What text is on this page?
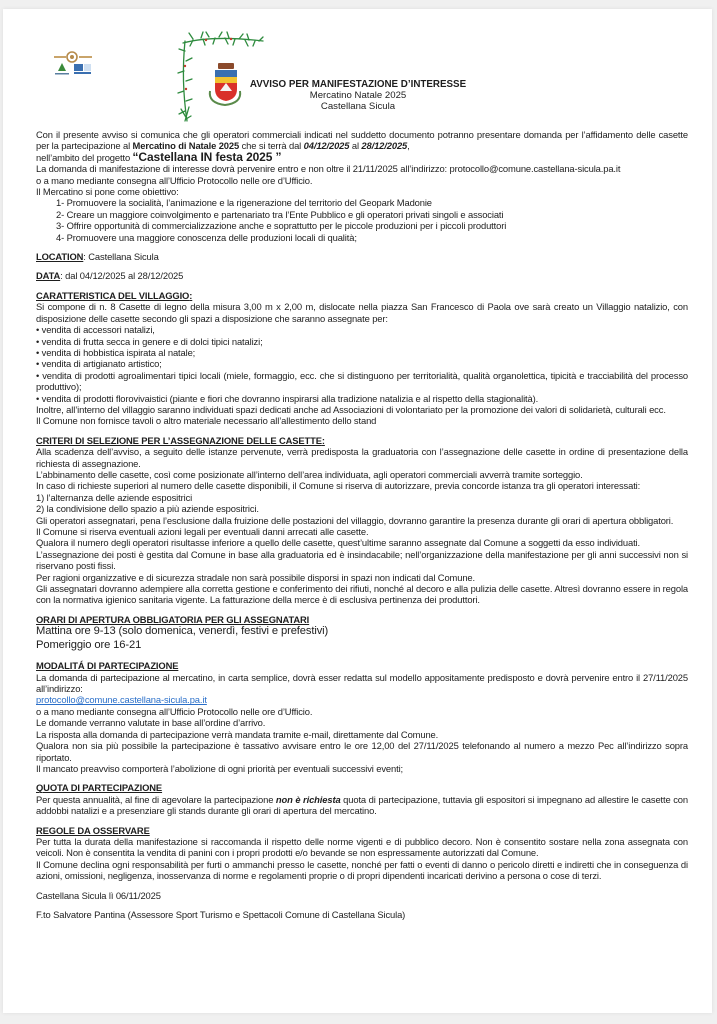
AVVISO PER MANIFESTAZIONE D’INTERESSE
Mercatino Natale 2025
Castellana Sicula

Con il presente avviso si comunica che gli operatori commerciali indicati nel suddetto documento potranno presentare domanda per l’affidamento delle casette per la partecipazione al Mercatino di Natale 2025 che si terrà dal 04/12/2025 al 28/12/2025,

nell’ambito del progetto “Castellana IN festa 2025 ”

La domanda di manifestazione di interesse dovrà pervenire entro e non oltre il 21/11/2025 all’indirizzo: protocollo@comune.castellana-sicula.pa.it

o a mano mediante consegna all’Ufficio Protocollo nelle ore d’Ufficio.

Il Mercatino si pone come obiettivo:

1- Promuovere la socialità, l’animazione e la rigenerazione del territorio del Geopark Madonie

2- Creare un maggiore coinvolgimento e partenariato tra l’Ente Pubblico e gli operatori privati singoli e associati

3- Offrire opportunità di commercializzazione anche e soprattutto per le piccole produzioni per i piccoli produttori

4- Promuovere una maggiore conoscenza delle produzioni locali di qualità;

LOCATION: Castellana Sicula

DATA: dal 04/12/2025 al 28/12/2025

CARATTERISTICA DEL VILLAGGIO:

Si compone di n. 8 Casette di legno della misura 3,00 m x 2,00 m, dislocate nella piazza San Francesco di Paola ove sarà creato un Villaggio natalizio, con disposizione delle casette secondo gli spazi a disposizione che saranno assegnate per:

• vendita di accessori natalizi,

• vendita di frutta secca in genere e di dolci tipici natalizi;

• vendita di hobbistica ispirata al natale;

• vendita di artigianato artistico;

• vendita di prodotti agroalimentari tipici locali (miele, formaggio, ecc. che si distinguono per territorialità, qualità organolettica, tipicità e tracciabilità del processo produttivo);

• vendita di prodotti florovivaistici (piante e fiori che dovranno inspirarsi alla tradizione natalizia e al rispetto della stagionalità).

Inoltre, all’interno del villaggio saranno individuati spazi dedicati anche ad Associazioni di volontariato per la promozione dei valori di solidarietà, culturali ecc.

Il Comune non fornisce tavoli o altro materiale necessario all’allestimento dello stand

CRITERI DI SELEZIONE PER L’ASSEGNAZIONE DELLE CASETTE:

Alla scadenza dell’avviso, a seguito delle istanze pervenute, verrà predisposta la graduatoria con l’assegnazione delle casette in ordine di presentazione della richiesta di assegnazione.

L’abbinamento delle casette, così come posizionate all’interno dell’area individuata, agli operatori commerciali avverrà tramite sorteggio.

In caso di richieste superiori al numero delle casette disponibili, il Comune si riserva di autorizzare, previa concorde istanza tra gli operatori interessati:

1) l’alternanza delle aziende espositrici

2) la condivisione dello spazio a più aziende espositrici.

Gli operatori assegnatari, pena l’esclusione dalla fruizione delle postazioni del villaggio, dovranno garantire la presenza durante gli orari di apertura obbligatori.

Il Comune si riserva eventuali azioni legali per eventuali danni arrecati alle casette.

Qualora il numero degli operatori risultasse inferiore a quello delle casette, quest’ultime saranno assegnate dal Comune a soggetti da esso individuati.

L’assegnazione dei posti è gestita dal Comune in base alla graduatoria ed è insindacabile; nell’organizzazione della manifestazione per gli anni successivi non si riservano posti fissi.

Per ragioni organizzative e di sicurezza stradale non sarà possibile disporsi in spazi non indicati dal Comune.

Gli assegnatari dovranno adempiere alla corretta gestione e conferimento dei rifiuti, nonché al decoro e alla pulizia delle casette. Altresì dovranno essere in regola con la normativa igienico sanitaria vigente. La fatturazione della merce è di esclusiva pertinenza dei produttori.

ORARI DI APERTURA OBBLIGATORIA PER GLI ASSEGNATARI

Mattina ore 9-13 (solo domenica, venerdì, festivi e prefestivi)

Pomeriggio ore 16-21

MODALITÁ DI PARTECIPAZIONE

La domanda di partecipazione al mercatino, in carta semplice, dovrà esser redatta sul modello appositamente predisposto e dovrà pervenire entro il 27/11/2025 all’indirizzo:

protocollo@comune.castellana-sicula.pa.it

o a mano mediante consegna all’Ufficio Protocollo nelle ore d’Ufficio.

Le domande verranno valutate in base all’ordine d’arrivo.

La risposta alla domanda di partecipazione verrà mandata tramite e-mail, direttamente dal Comune.

Qualora non sia più possibile la partecipazione è tassativo avvisare entro le ore 12,00 del 27/11/2025 telefonando al numero a mezzo Pec all’indirizzo sopra riportato.

Il mancato preavviso comporterà l’abolizione di ogni priorità per eventuali successivi eventi;

QUOTA DI PARTECIPAZIONE

Per questa annualità, al fine di agevolare la partecipazione non è richiesta quota di partecipazione, tuttavia gli espositori si impegnano ad allestire le casette con addobbi natalizi e a presenziare gli stands durante gli orari di apertura del mercatino.

REGOLE DA OSSERVARE

Per tutta la durata della manifestazione si raccomanda il rispetto delle norme vigenti e di pubblico decoro. Non è consentito sostare nella zona assegnata con veicoli. Non è consentita la vendita di panini con i propri prodotti e/o bevande se non espressamente autorizzati dal Comune.

Il Comune declina ogni responsabilità per furti o ammanchi presso le casette, nonché per fatti o eventi di danno o pericolo diretti e indiretti che in conseguenza di azioni, omissioni, negligenza, inosservanza di norme e regolamenti proprie o di propri dipendenti incaricati derivino a persona o cose di terzi.

Castellana Sicula lì 06/11/2025

F.to Salvatore Pantina (Assessore Sport Turismo e Spettacoli Comune di Castellana Sicula)
